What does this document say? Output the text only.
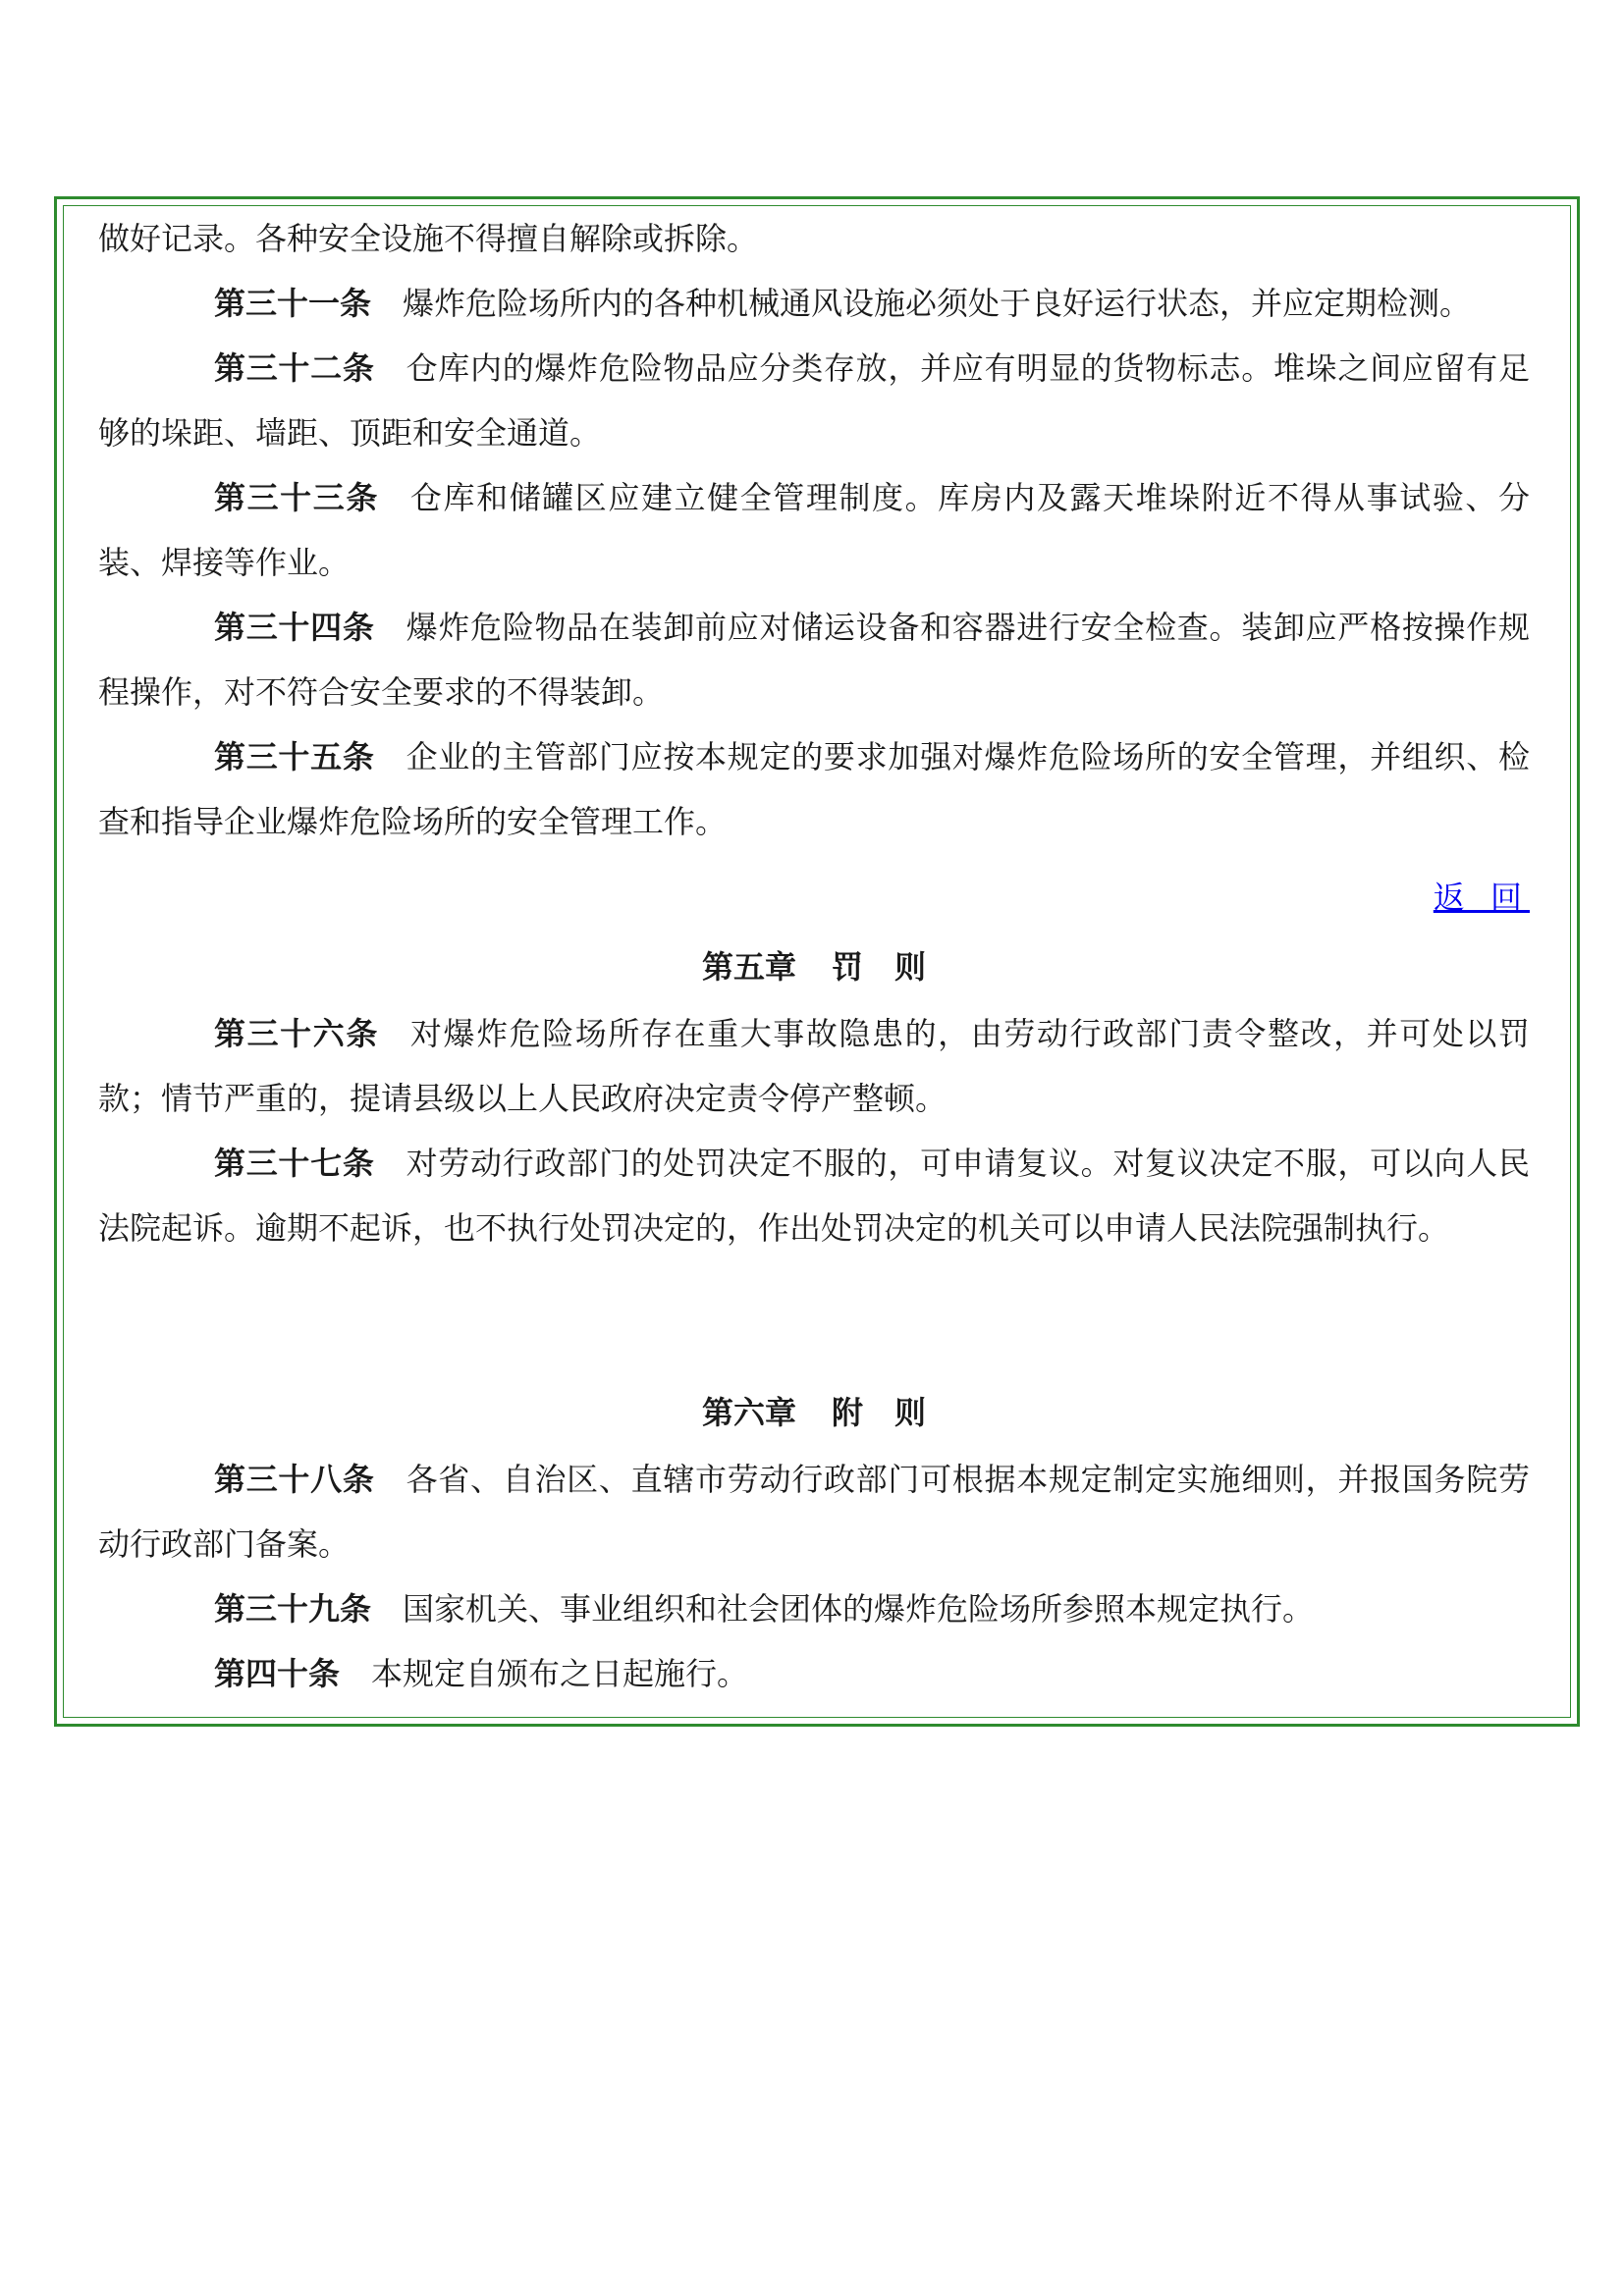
做好记录。各种安全设施不得擅自解除或拆除。

第三十一条 爆炸危险场所内的各种机械通风设施必须处于良好运行状态，并应定期检测。

第三十二条 仓库内的爆炸危险物品应分类存放，并应有明显的货物标志。堆垛之间应留有足够的垛距、墙距、顶距和安全通道。

第三十三条 仓库和储罐区应建立健全管理制度。库房内及露天堆垛附近不得从事试验、分装、焊接等作业。

第三十四条 爆炸危险物品在装卸前应对储运设备和容器进行安全检查。装卸应严格按操作规程操作，对不符合安全要求的不得装卸。

第三十五条 企业的主管部门应按本规定的要求加强对爆炸危险场所的安全管理，并组织、检查和指导企业爆炸危险场所的安全管理工作。

返 回

第五章 罚　则

第三十六条 对爆炸危险场所存在重大事故隐患的，由劳动行政部门责令整改，并可处以罚款；情节严重的，提请县级以上人民政府决定责令停产整顿。

第三十七条 对劳动行政部门的处罚决定不服的，可申请复议。对复议决定不服，可以向人民法院起诉。逾期不起诉，也不执行处罚决定的，作出处罚决定的机关可以申请人民法院强制执行。

第六章 附　则

第三十八条 各省、自治区、直辖市劳动行政部门可根据本规定制定实施细则，并报国务院劳动行政部门备案。

第三十九条 国家机关、事业组织和社会团体的爆炸危险场所参照本规定执行。

第四十条 本规定自颁布之日起施行。
